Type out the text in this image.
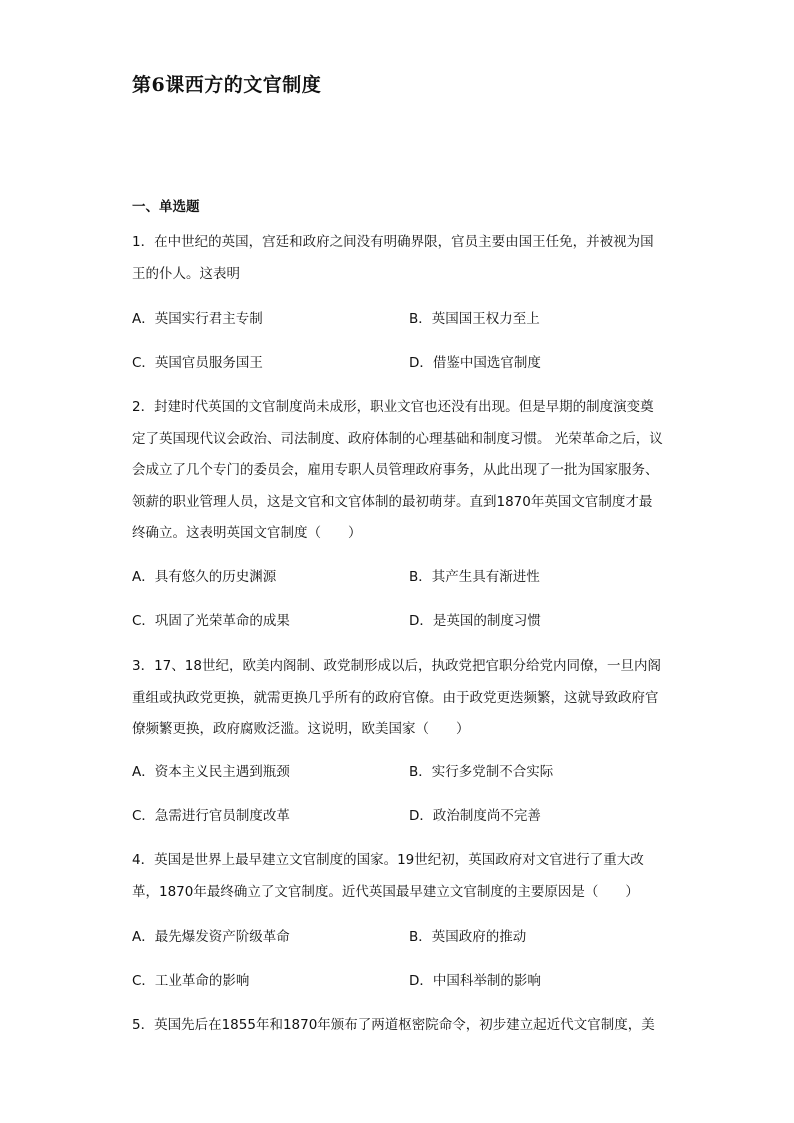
第6课西方的文官制度
一、单选题
1．在中世纪的英国，宫廷和政府之间没有明确界限，官员主要由国王任免，并被视为国王的仆人。这表明
A．英国实行君主专制	B．英国国王权力至上
C．英国官员服务国王	D．借鉴中国选官制度
2．封建时代英国的文官制度尚未成形，职业文官也还没有出现。但是早期的制度演变奠定了英国现代议会政治、司法制度、政府体制的心理基础和制度习惯。 光荣革命之后，议会成立了几个专门的委员会，雇用专职人员管理政府事务，从此出现了一批为国家服务、领薪的职业管理人员，这是文官和文官体制的最初萌芽。直到1870年英国文官制度才最终确立。这表明英国文官制度（　　）
A．具有悠久的历史渊源	B．其产生具有渐进性
C．巩固了光荣革命的成果	D．是英国的制度习惯
3．17、18世纪，欧美内阁制、政党制形成以后，执政党把官职分给党内同僚，一旦内阁重组或执政党更换，就需更换几乎所有的政府官僚。由于政党更迭频繁，这就导致政府官僚频繁更换，政府腐败泛滥。这说明，欧美国家（　　）
A．资本主义民主遇到瓶颈	B．实行多党制不合实际
C．急需进行官员制度改革	D．政治制度尚不完善
4．英国是世界上最早建立文官制度的国家。19世纪初，英国政府对文官进行了重大改革，1870年最终确立了文官制度。近代英国最早建立文官制度的主要原因是（　　）
A．最先爆发资产阶级革命	B．英国政府的推动
C．工业革命的影响	D．中国科举制的影响
5．英国先后在1855年和1870年颁布了两道枢密院命令，初步建立起近代文官制度，美
